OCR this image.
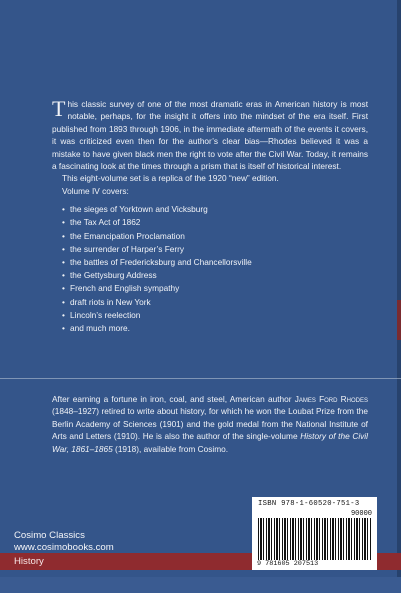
This classic survey of one of the most dramatic eras in American history is most notable, perhaps, for the insight it offers into the mindset of the era itself. First published from 1893 through 1906, in the immediate aftermath of the events it covers, it was criticized even then for the author’s clear bias—Rhodes believed it was a mistake to have given black men the right to vote after the Civil War. Today, it remains a fascinating look at the times through a prism that is itself of historical interest.

This eight-volume set is a replica of the 1920 “new” edition.

Volume IV covers:

• the sieges of Yorktown and Vicksburg
• the Tax Act of 1862
• the Emancipation Proclamation
• the surrender of Harper’s Ferry
• the battles of Fredericksburg and Chancellorsville
• the Gettysburg Address
• French and English sympathy
• draft riots in New York
• Lincoln’s reelection
• and much more.

After earning a fortune in iron, coal, and steel, American author James Ford Rhodes (1848–1927) retired to write about history, for which he won the Loubat Prize from the Berlin Academy of Sciences (1901) and the gold medal from the National Institute of Arts and Letters (1910). He is also the author of the single-volume History of the Civil War, 1861–1865 (1918), available from Cosimo.

Cosimo Classics
www.cosimobooks.com
History
ISBN 978-1-60520-751-3
90000
9 781605 207513
